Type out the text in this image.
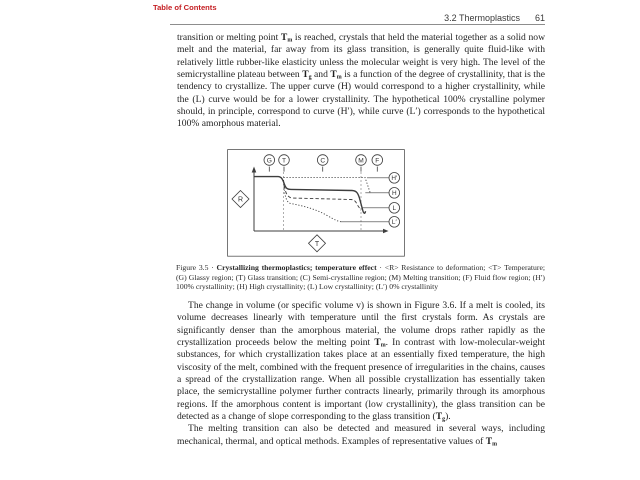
Table of Contents
3.2 Thermoplastics 61

transition or melting point $T_m$ is reached, crystals that held the material together as a solid now melt and the material, far away from its glass transition, is generally quite fluid-like with relatively little rubber-like elasticity unless the molecular weight is very high. The level of the semicrystalline plateau between $T_g$ and $T_m$ is a function of the degree of crystallinity, that is the tendency to crystallize. The upper curve (H) would correspond to a higher crystallinity, while the (L) curve would be for a lower crystallinity. The hypothetical 100% crystalline polymer should, in principle, correspond to curve (H′), while curve (L′) corresponds to the hypothetical 100% amorphous material.

G T	C	M F
R
T
H′
H
L
L′

Figure 3.5 · Crystallizing thermoplastics; temperature effect · <R> Resistance to deformation; <T> Temperature; (G) Glassy region; (T) Glass transition; (C) Semi-crystalline region; (M) Melting transition; (F) Fluid flow region; (H′) 100% crystallinity; (H) High crystallinity; (L) Low crystallinity; (L′) 0% crystallinity

The change in volume (or specific volume v) is shown in Figure 3.6. If a melt is cooled, its volume decreases linearly with temperature until the first crystals form. As crystals are significantly denser than the amorphous material, the volume drops rather rapidly as the crystallization proceeds below the melting point $T_m$. In contrast with low-molecular-weight substances, for which crystallization takes place at an essentially fixed temperature, the high viscosity of the melt, combined with the frequent presence of irregularities in the chains, causes a spread of the crystallization range. When all possible crystallization has essentially taken place, the semicrystalline polymer further contracts linearly, primarily through its amorphous regions. If the amorphous content is important (low crystallinity), the glass transition can be detected as a change of slope corresponding to the glass transition $(T_g)$.

The melting transition can also be detected and measured in several ways, including mechanical, thermal, and optical methods. Examples of representative values of $T_m$
